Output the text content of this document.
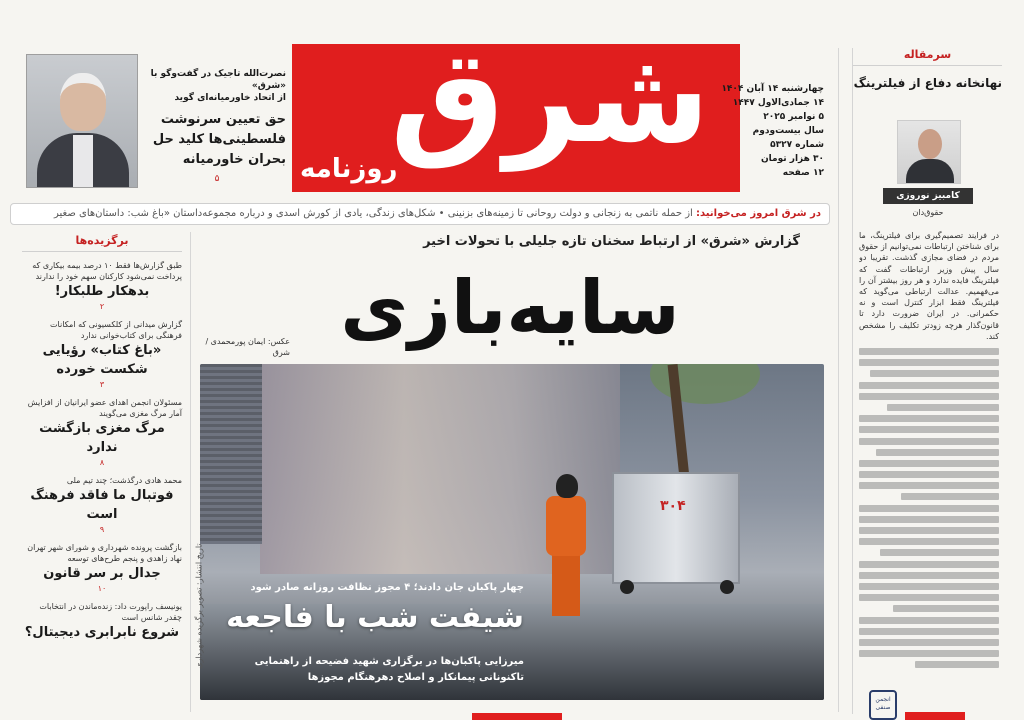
نصرت‌الله تاجیک در گفت‌وگو با «شرق»
از اتحاد خاورمیانه‌ای گوید
حق تعیین سرنوشت فلسطینی‌ها کلید حل بحران خاورمیانه
۵
شرق
روزنامه
چهارشنبه ۱۴ آبان ۱۴۰۴
۱۴ جمادی‌الاول ۱۴۴۷
۵ نوامبر ۲۰۲۵
سال بیست‌ودوم
شماره ۵۳۲۷
۳۰ هزار تومان
۱۲ صفحه
در شرق امروز می‌خوانید: از حمله ناتمی به زنجانی و دولت روحانی تا زمینه‌های بزنینی • شکل‌های زندگی، یادی از کورش اسدی و درباره مجموعه‌داستان «باغ شب: داستان‌های صغیر
برگزیده‌ها
طبق گزارش‌ها فقط ۱۰ درصد بیمه بیکاری که پرداخت نمی‌شود کارکنان سهم خود را ندارند
بدهکار طلبکار!
۲
گزارش میدانی از کلکسیونی که امکانات فرهنگی برای کتاب‌خوانی ندارد
«باغ کتاب» رؤیایی شکست خورده
۳
مسئولان انجمن اهدای عضو ایرانیان از افزایش آمار مرگ مغزی می‌گویند
مرگ مغزی بازگشت ندارد
۸
محمد هادی درگذشت؛ چند تیم ملی
فوتبال ما فاقد فرهنگ است
۹
بازگشت پرونده شهرداری و شورای شهر تهران نهاد زاهدی و پنجم طرح‌های توسعه
جدال بر سر قانون
۱۰
یونیسف راپورت داد: زنده‌ماندن در انتخابات چقدر شانس است
شروع نابرابری دیجیتال؟
گزارش «شرق» از ارتباط سخنان تازه جلیلی با تحولات اخیر
سایه‌بازی
عکس: ایمان پورمحمدی / شرق
۳۰۴
چهار پاکبان جان دادند؛ ۴ مجوز نظافت روزانه صادر شود
شیفت شب با فاجعه
میرزایی پاکبان‌ها در برگزاری شهید فضیحه از راهنمایی تاکنونانی پیمانکار و اصلاح دهرهنگام مجوزها
تاریخ انتشار: تصویر برگزیده شهرداری
سرمقاله
نهانخانه دفاع از فیلترینگ
کامبیز نوروزی
حقوق‌دان

در فرایند تصمیم‌گیری برای فیلترینگ، ما برای شناختن ارتباطات نمی‌توانیم از حقوق مردم در فضای مجازی گذشت. تقریبا دو سال پیش وزیر ارتباطات گفت که فیلترینگ فایده ندارد و هر روز بیشتر آن را می‌فهمیم. عدالت ارتباطی می‌گوید که فیلترینگ فقط ابزار کنترل است و نه حکمرانی. در ایران ضرورت دارد تا قانون‌گذار هرچه زودتر تکلیف را مشخص کند.

انجمن صنفی
